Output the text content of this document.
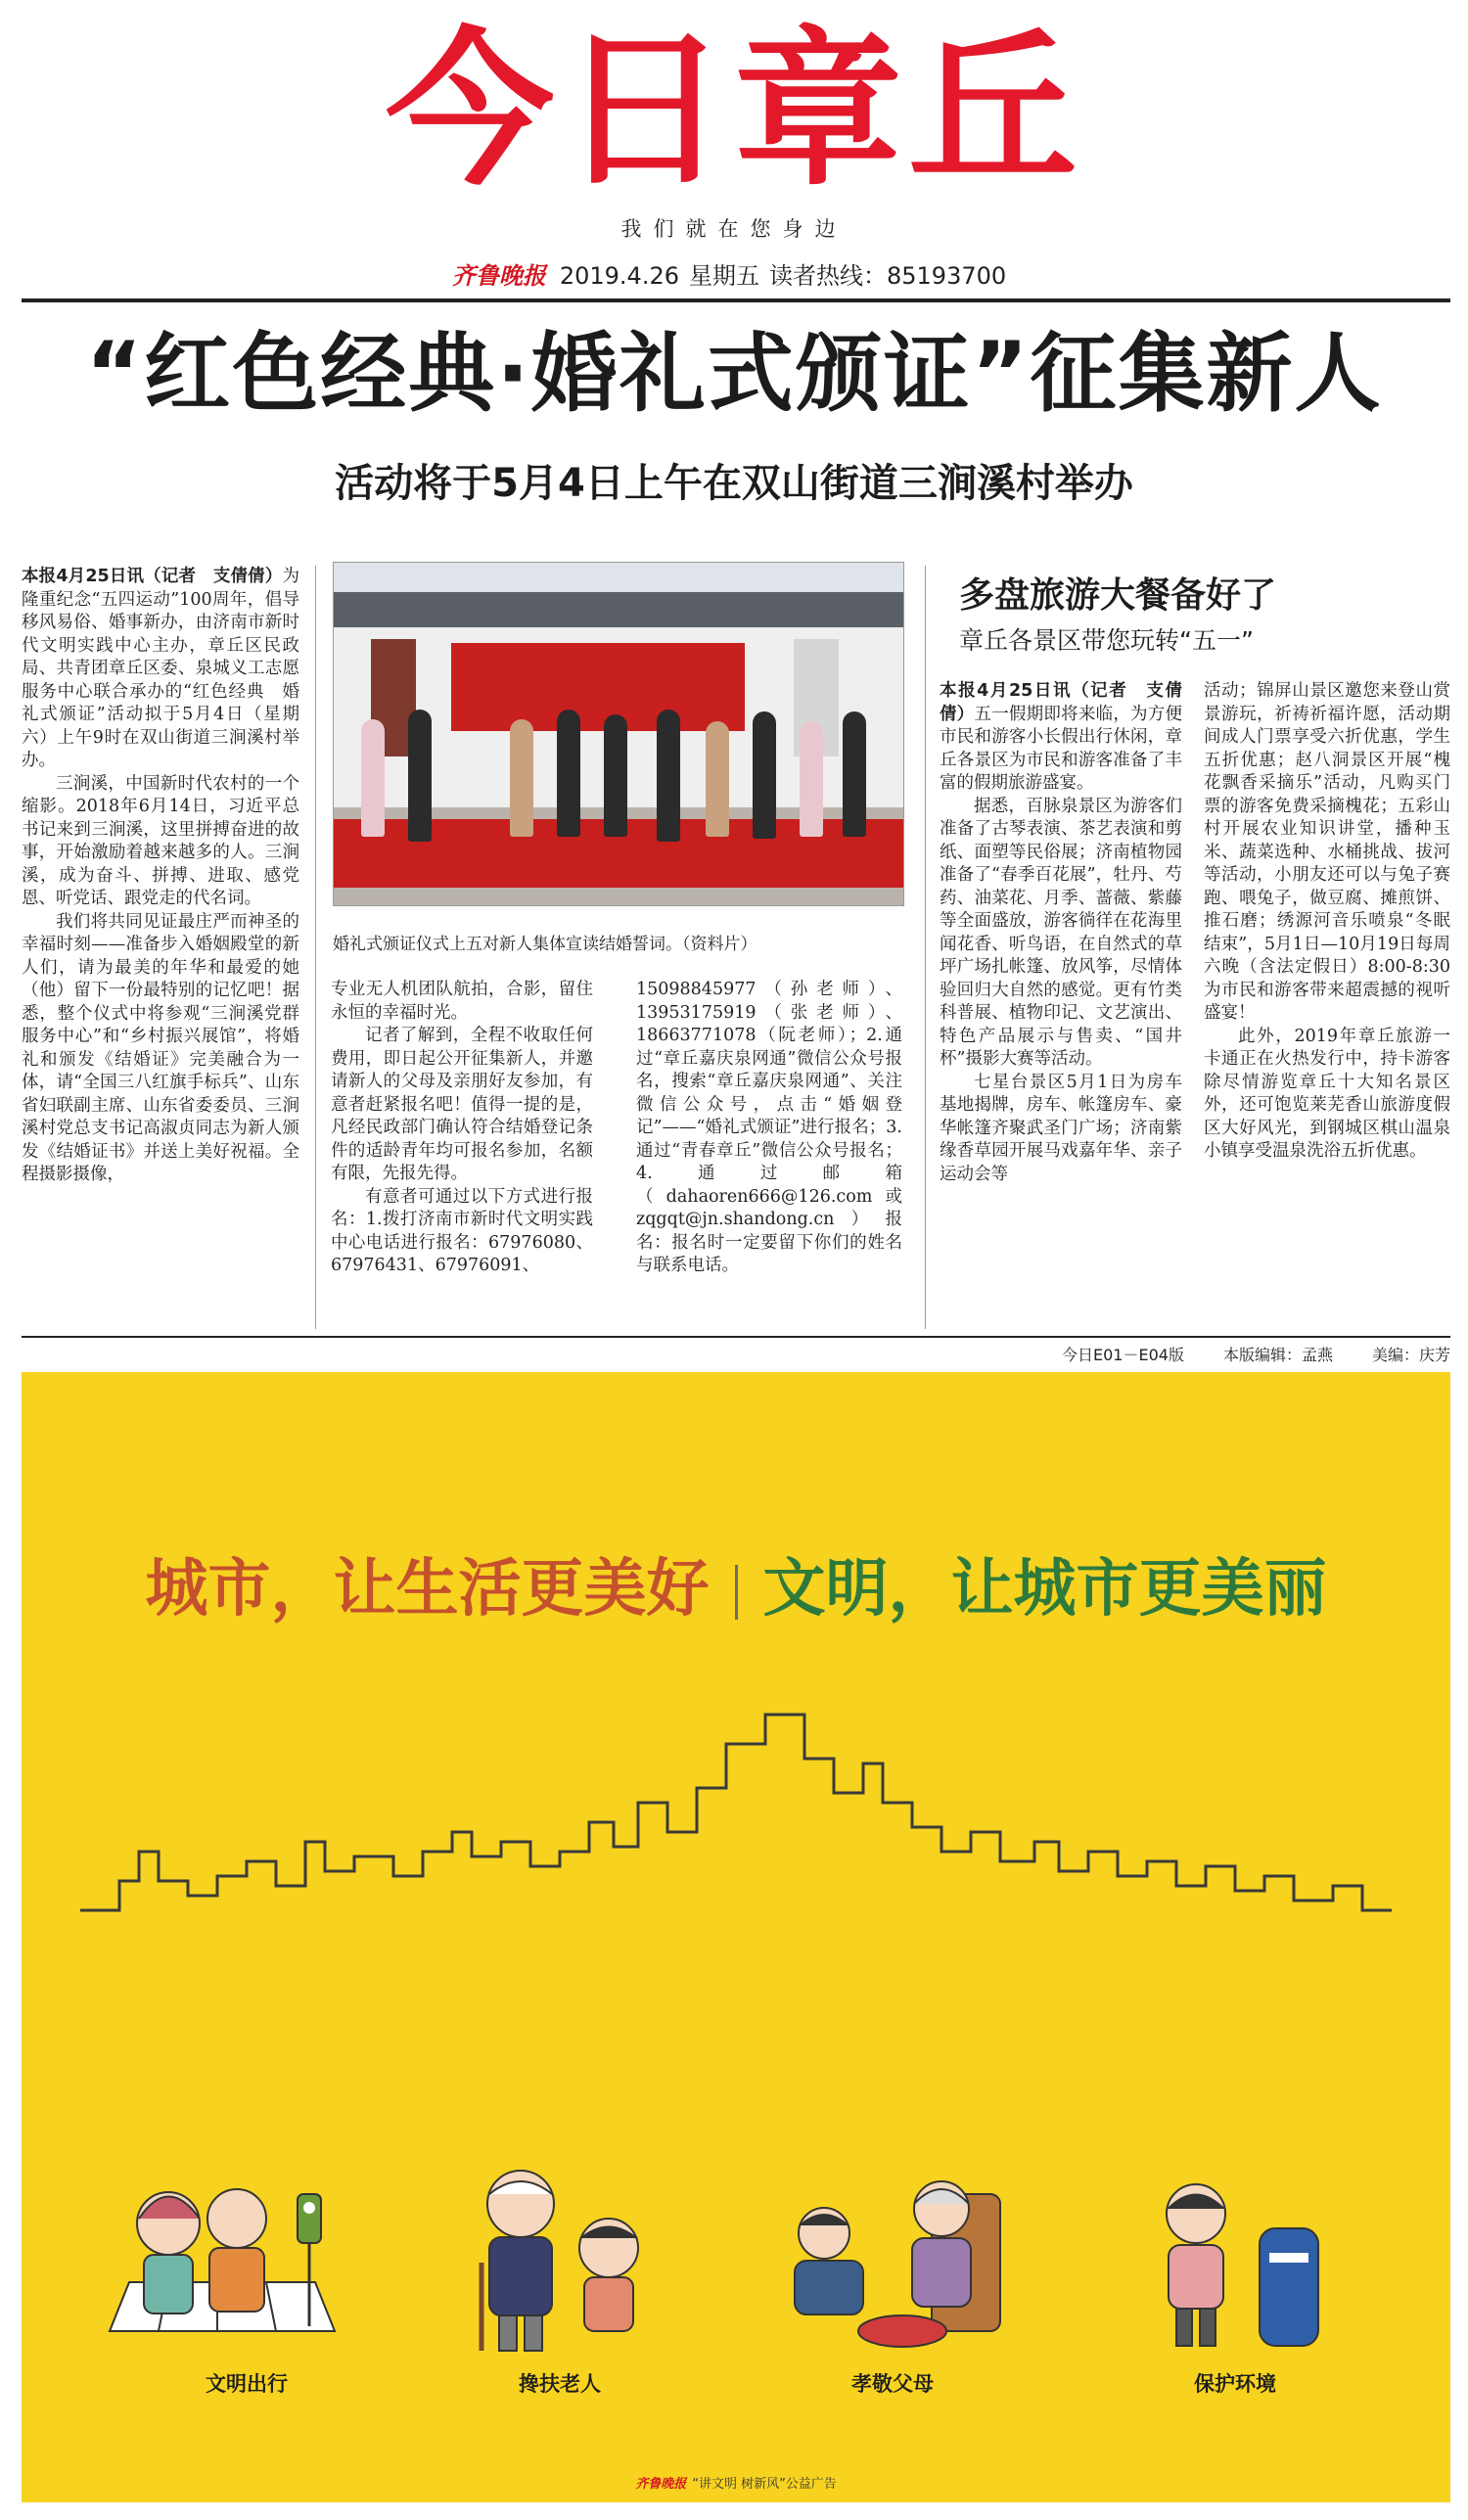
今日章丘
我们就在您身边
齐鲁晚报 2019.4.26 星期五 读者热线：85193700
“红色经典·婚礼式颁证”征集新人
活动将于5月4日上午在双山街道三涧溪村举办

本报4月25日讯（记者　支倩倩）为隆重纪念“五四运动”100周年，倡导移风易俗、婚事新办，由济南市新时代文明实践中心主办，章丘区民政局、共青团章丘区委、泉城义工志愿服务中心联合承办的“红色经典　婚礼式颁证”活动拟于5月4日（星期六）上午9时在双山街道三涧溪村举办。

三涧溪，中国新时代农村的一个缩影。2018年6月14日，习近平总书记来到三涧溪，这里拼搏奋进的故事，开始激励着越来越多的人。三涧溪，成为奋斗、拼搏、进取、感党恩、听党话、跟党走的代名词。

我们将共同见证最庄严而神圣的幸福时刻——准备步入婚姻殿堂的新人们，请为最美的年华和最爱的她（他）留下一份最特别的记忆吧！据悉，整个仪式中将参观“三涧溪党群服务中心”和“乡村振兴展馆”，将婚礼和颁发《结婚证》完美融合为一体，请“全国三八红旗手标兵”、山东省妇联副主席、山东省委委员、三涧溪村党总支书记高淑贞同志为新人颁发《结婚证书》并送上美好祝福。全程摄影摄像，

婚礼式颁证仪式上五对新人集体宣读结婚誓词。（资料片）

专业无人机团队航拍，合影，留住永恒的幸福时光。

记者了解到，全程不收取任何费用，即日起公开征集新人，并邀请新人的父母及亲朋好友参加，有意者赶紧报名吧！值得一提的是，凡经民政部门确认符合结婚登记条件的适龄青年均可报名参加，名额有限，先报先得。

有意者可通过以下方式进行报名：1.拨打济南市新时代文明实践中心电话进行报名：67976080、67976431、67976091、

15098845977（孙老师）、13953175919（张老师）、18663771078（阮老师）；2.通过“章丘嘉庆泉网通”微信公众号报名，搜索“章丘嘉庆泉网通”、关注微信公众号，点击“婚姻登记”——“婚礼式颁证”进行报名；3.通过“青春章丘”微信公众号报名；4.通过邮箱（dahaoren666@126.com或zqgqt@jn.shandong.cn）报名：报名时一定要留下你们的姓名与联系电话。

多盘旅游大餐备好了
章丘各景区带您玩转“五一”

本报4月25日讯（记者　支倩倩）五一假期即将来临，为方便市民和游客小长假出行休闲，章丘各景区为市民和游客准备了丰富的假期旅游盛宴。

据悉，百脉泉景区为游客们准备了古琴表演、茶艺表演和剪纸、面塑等民俗展；济南植物园准备了“春季百花展”，牡丹、芍药、油菜花、月季、蔷薇、紫藤等全面盛放，游客徜徉在花海里闻花香、听鸟语，在自然式的草坪广场扎帐篷、放风筝，尽情体验回归大自然的感觉。更有竹类科普展、植物印记、文艺演出、特色产品展示与售卖、“国井杯”摄影大赛等活动。

七星台景区5月1日为房车基地揭牌，房车、帐篷房车、豪华帐篷齐聚武圣门广场；济南紫缘香草园开展马戏嘉年华、亲子运动会等

活动；锦屏山景区邀您来登山赏景游玩，祈祷祈福许愿，活动期间成人门票享受六折优惠，学生五折优惠；赵八洞景区开展“槐花飘香采摘乐”活动，凡购买门票的游客免费采摘槐花；五彩山村开展农业知识讲堂，播种玉米、蔬菜选种、水桶挑战、拔河等活动，小朋友还可以与兔子赛跑、喂兔子，做豆腐、摊煎饼、推石磨；绣源河音乐喷泉“冬眠结束”，5月1日—10月19日每周六晚（含法定假日）8:00-8:30为市民和游客带来超震撼的视听盛宴！

此外，2019年章丘旅游一卡通正在火热发行中，持卡游客除尽情游览章丘十大知名景区外，还可饱览莱芜香山旅游度假区大好风光，到钢城区棋山温泉小镇享受温泉洗浴五折优惠。

今日E01－E04版	本版编辑：孟燕	美编：庆芳
城市，让生活更美好 文明，让城市更美丽
文明出行	搀扶老人	孝敬父母	保护环境
齐鲁晚报 “讲文明 树新风”公益广告
